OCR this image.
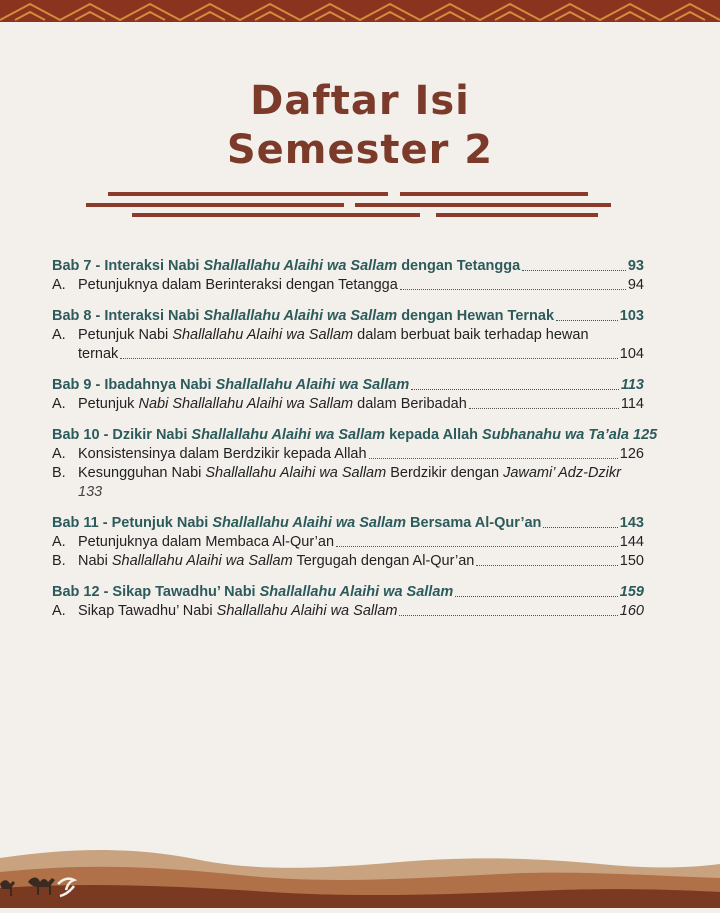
Daftar Isi
Semester 2
Bab 7 - Interaksi Nabi Shallallahu Alaihi wa Sallam dengan Tetangga	93
A. Petunjuknya dalam Berinteraksi dengan Tetangga	94
Bab 8 - Interaksi Nabi Shallallahu Alaihi wa Sallam dengan Hewan Ternak	103
A. Petunjuk Nabi Shallallahu Alaihi wa Sallam dalam berbuat baik terhadap hewan
ternak	104
Bab 9 - Ibadahnya Nabi Shallallahu Alaihi wa Sallam	113
A. Petunjuk Nabi Shallallahu Alaihi wa Sallam dalam Beribadah	114
Bab 10 - Dzikir Nabi Shallallahu Alaihi wa Sallam kepada Allah Subhanahu wa Ta’ala 125
A. Konsistensinya dalam Berdzikir kepada Allah	126
B. Kesungguhan Nabi Shallallahu Alaihi wa Sallam Berdzikir dengan Jawami’ Adz-Dzikr
133
Bab 11 - Petunjuk Nabi Shallallahu Alaihi wa Sallam Bersama Al-Qur’an	143
A. Petunjuknya dalam Membaca Al-Qur’an	144
B. Nabi Shallallahu Alaihi wa Sallam Tergugah dengan Al-Qur’an	150
Bab 12 - Sikap Tawadhu’ Nabi Shallallahu Alaihi wa Sallam	159
A. Sikap Tawadhu’ Nabi Shallallahu Alaihi wa Sallam	160
